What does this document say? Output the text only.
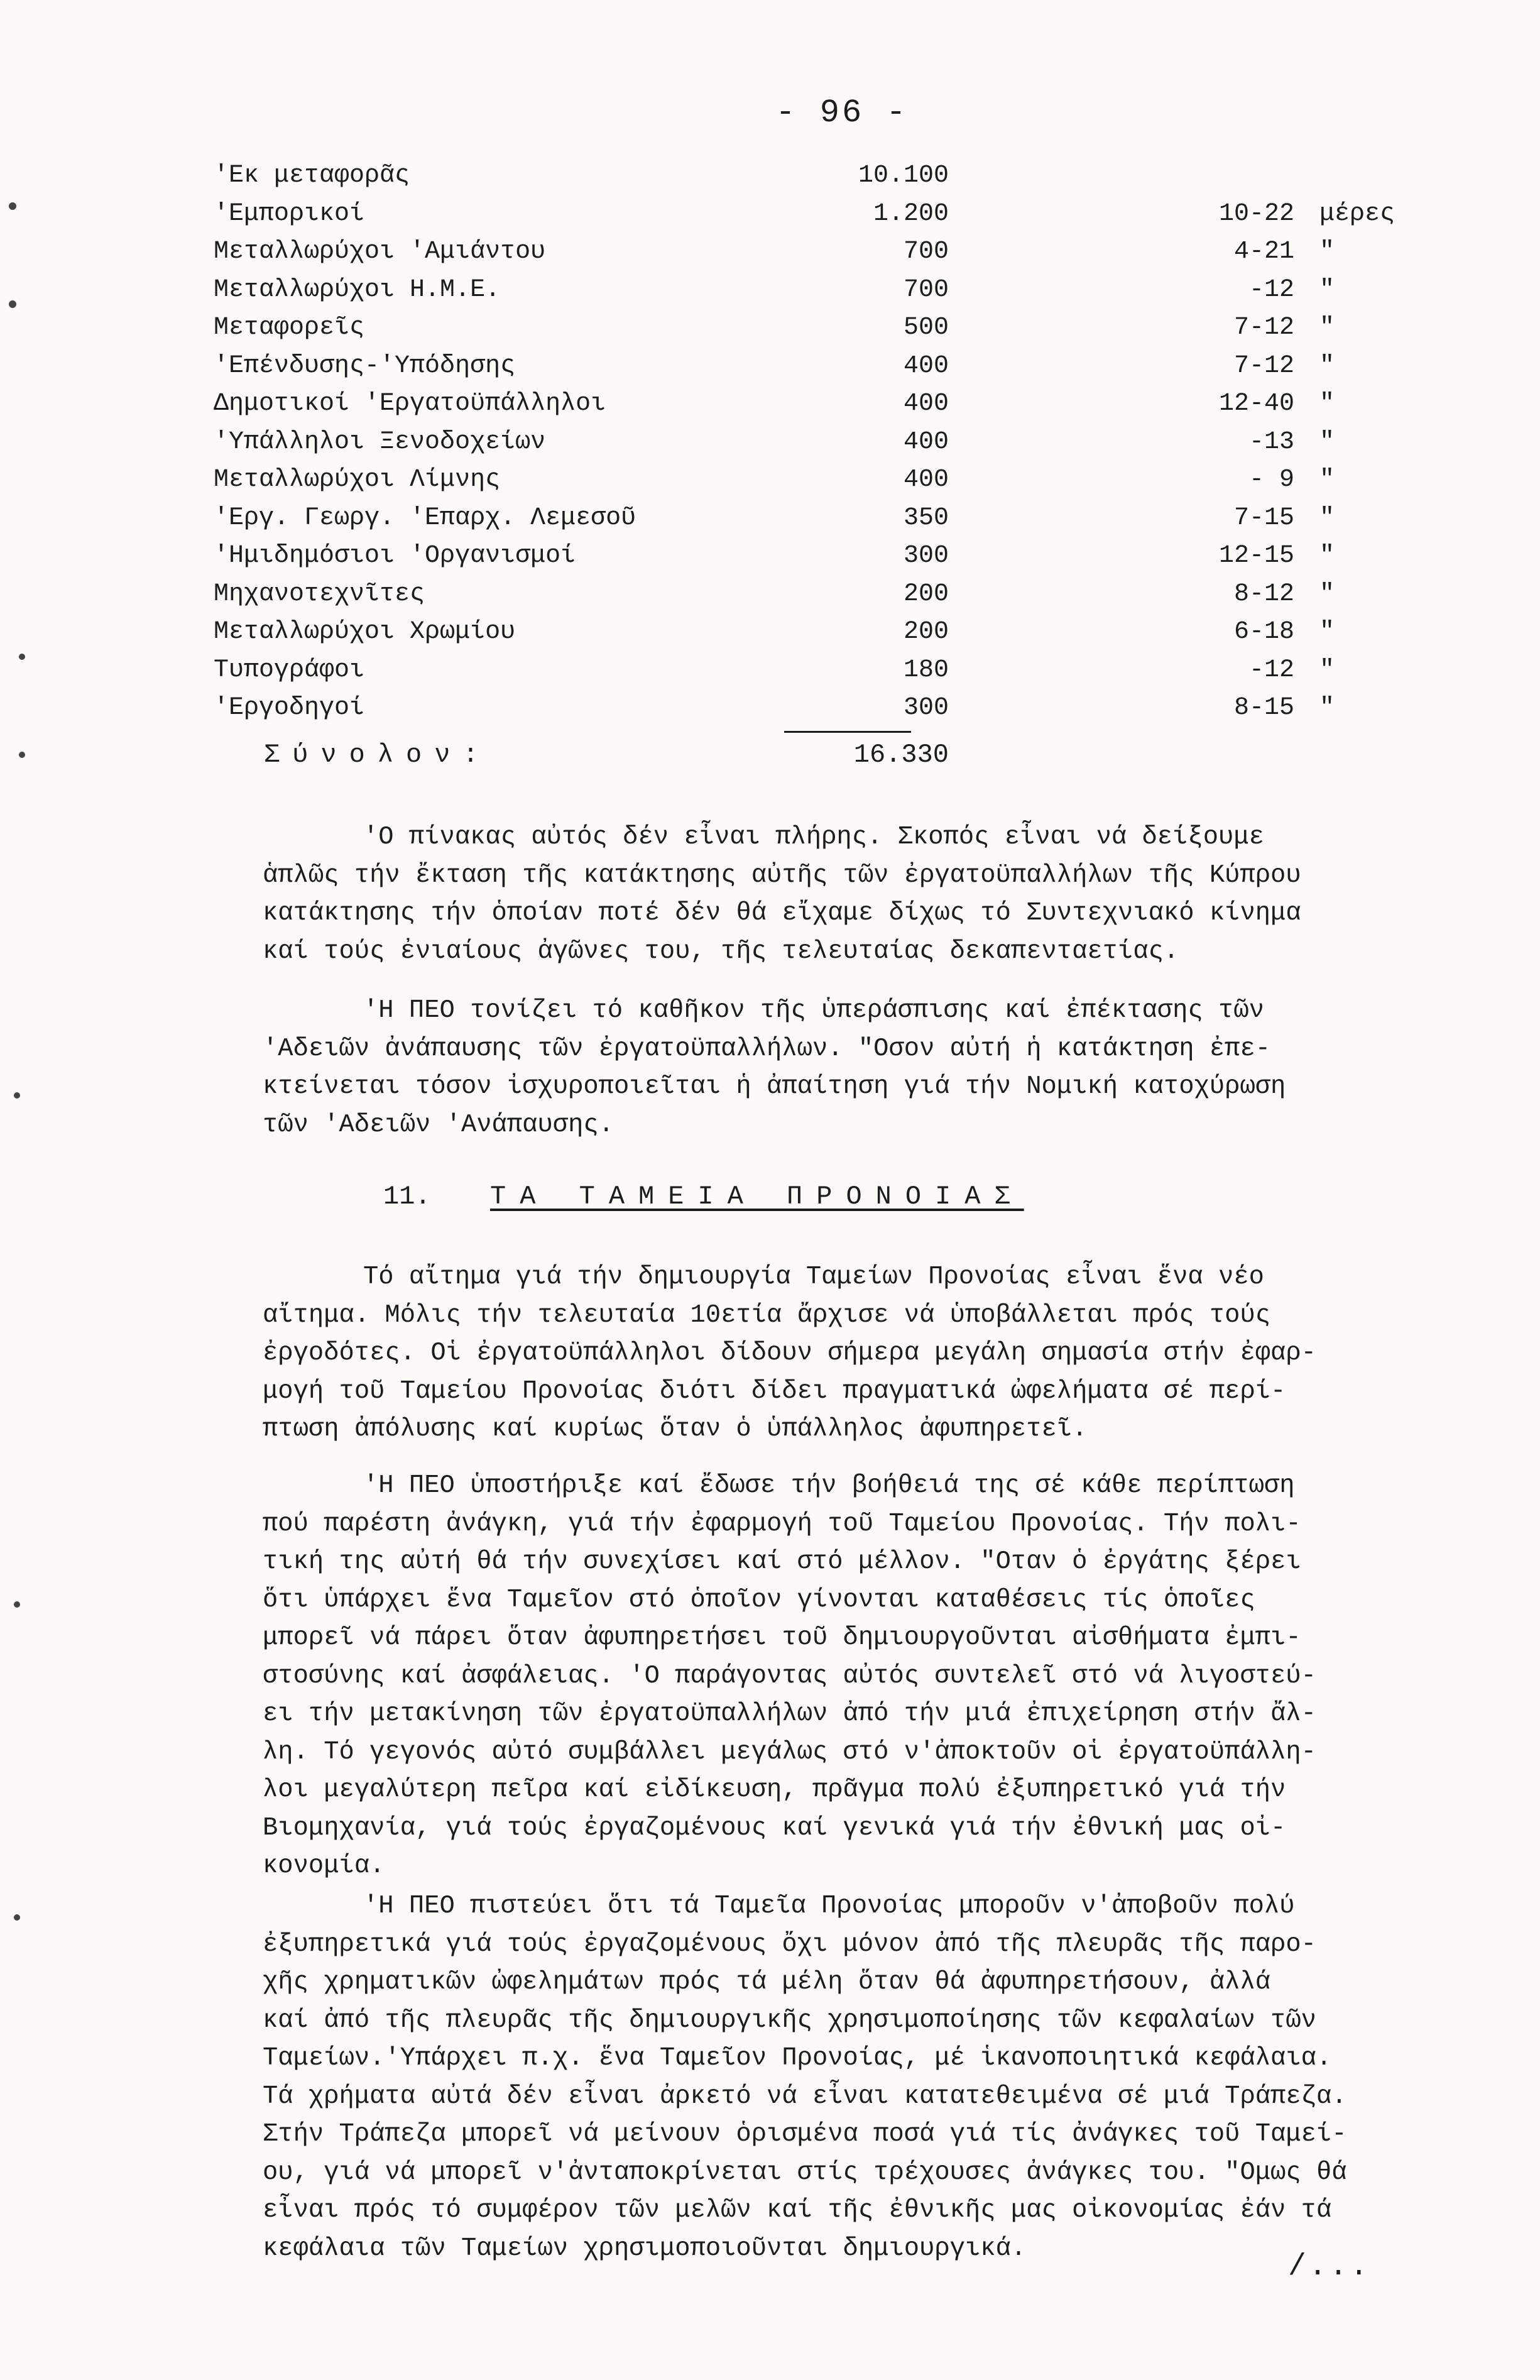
- 96 -
'Εκ μεταφορᾶς	10.100
'Εμπορικοί	1.200	10-22 μέρες
Μεταλλωρύχοι 'Αμιάντου	700	4-21 "
Μεταλλωρύχοι Η.Μ.Ε.	700	-12 "
Μεταφορεῖς	500	7-12 "
'Επένδυσης-'Υπόδησης	400	7-12 "
Δημοτικοί 'Εργατοϋπάλληλοι	400	12-40 "
'Υπάλληλοι Ξενοδοχείων	400	-13 "
Μεταλλωρύχοι Λίμνης	400	- 9 "
'Εργ. Γεωργ. 'Επαρχ. Λεμεσοῦ	350	7-15 "
'Ημιδημόσιοι 'Οργανισμοί	300	12-15 "
Μηχανοτεχνῖτες	200	8-12 "
Μεταλλωρύχοι Χρωμίου	200	6-18 "
Τυπογράφοι	180	-12 "
'Εργοδηγοί	300	8-15 "
Σύνολον:	16.330
'Ο πίνακας αὐτός δέν εἶναι πλήρης. Σκοπός εἶναι νά δείξουμε
ἁπλῶς τήν ἔκταση τῆς κατάκτησης αὐτῆς τῶν ἐργατοϋπαλλήλων τῆς Κύπρου
κατάκτησης τήν ὁποίαν ποτέ δέν θά εἴχαμε δίχως τό Συντεχνιακό κίνημα
καί τούς ἐνιαίους ἀγῶνες του, τῆς τελευταίας δεκαπενταετίας.
'Η ΠΕΟ τονίζει τό καθῆκον τῆς ὑπεράσπισης καί ἐπέκτασης τῶν
'Αδειῶν ἀνάπαυσης τῶν ἐργατοϋπαλλήλων. "Οσον αὐτή ἡ κατάκτηση ἐπε-
κτείνεται τόσον ἰσχυροποιεῖται ἡ ἀπαίτηση γιά τήν Νομική κατοχύρωση
τῶν 'Αδειῶν 'Ανάπαυσης.
11. ΤΑ ΤΑΜΕΙΑ ΠΡΟΝΟΙΑΣ
Τό αἴτημα γιά τήν δημιουργία Ταμείων Προνοίας εἶναι ἕνα νέο
αἴτημα. Μόλις τήν τελευταία 10ετία ἄρχισε νά ὑποβάλλεται πρός τούς
ἐργοδότες. Οἱ ἐργατοϋπάλληλοι δίδουν σήμερα μεγάλη σημασία στήν ἐφαρ-
μογή τοῦ Ταμείου Προνοίας διότι δίδει πραγματικά ὠφελήματα σέ περί-
πτωση ἀπόλυσης καί κυρίως ὅταν ὁ ὑπάλληλος ἀφυπηρετεῖ.
'Η ΠΕΟ ὑποστήριξε καί ἔδωσε τήν βοήθειά της σέ κάθε περίπτωση
πού παρέστη ἀνάγκη, γιά τήν ἐφαρμογή τοῦ Ταμείου Προνοίας. Τήν πολι-
τική της αὐτή θά τήν συνεχίσει καί στό μέλλον. "Οταν ὁ ἐργάτης ξέρει
ὅτι ὑπάρχει ἕνα Ταμεῖον στό ὁποῖον γίνονται καταθέσεις τίς ὁποῖες
μπορεῖ νά πάρει ὅταν ἀφυπηρετήσει τοῦ δημιουργοῦνται αἰσθήματα ἐμπι-
στοσύνης καί ἀσφάλειας. 'Ο παράγοντας αὐτός συντελεῖ στό νά λιγοστεύ-
ει τήν μετακίνηση τῶν ἐργατοϋπαλλήλων ἀπό τήν μιά ἐπιχείρηση στήν ἄλ-
λη. Τό γεγονός αὐτό συμβάλλει μεγάλως στό ν'ἀποκτοῦν οἱ ἐργατοϋπάλλη-
λοι μεγαλύτερη πεῖρα καί εἰδίκευση, πρᾶγμα πολύ ἐξυπηρετικό γιά τήν
Βιομηχανία, γιά τούς ἐργαζομένους καί γενικά γιά τήν ἐθνική μας οἰ-
κονομία.
'Η ΠΕΟ πιστεύει ὅτι τά Ταμεῖα Προνοίας μποροῦν ν'ἀποβοῦν πολύ
ἐξυπηρετικά γιά τούς ἐργαζομένους ὄχι μόνον ἀπό τῆς πλευρᾶς τῆς παρο-
χῆς χρηματικῶν ὠφελημάτων πρός τά μέλη ὅταν θά ἀφυπηρετήσουν, ἀλλά
καί ἀπό τῆς πλευρᾶς τῆς δημιουργικῆς χρησιμοποίησης τῶν κεφαλαίων τῶν
Ταμείων.'Υπάρχει π.χ. ἕνα Ταμεῖον Προνοίας, μέ ἱκανοποιητικά κεφάλαια.
Τά χρήματα αὐτά δέν εἶναι ἀρκετό νά εἶναι κατατεθειμένα σέ μιά Τράπεζα.
Στήν Τράπεζα μπορεῖ νά μείνουν ὁρισμένα ποσά γιά τίς ἀνάγκες τοῦ Ταμεί-
ου, γιά νά μπορεῖ ν'ἀνταποκρίνεται στίς τρέχουσες ἀνάγκες του. "Ομως θά
εἶναι πρός τό συμφέρον τῶν μελῶν καί τῆς ἐθνικῆς μας οἰκονομίας ἐάν τά
κεφάλαια τῶν Ταμείων χρησιμοποιοῦνται δημιουργικά.
/...
